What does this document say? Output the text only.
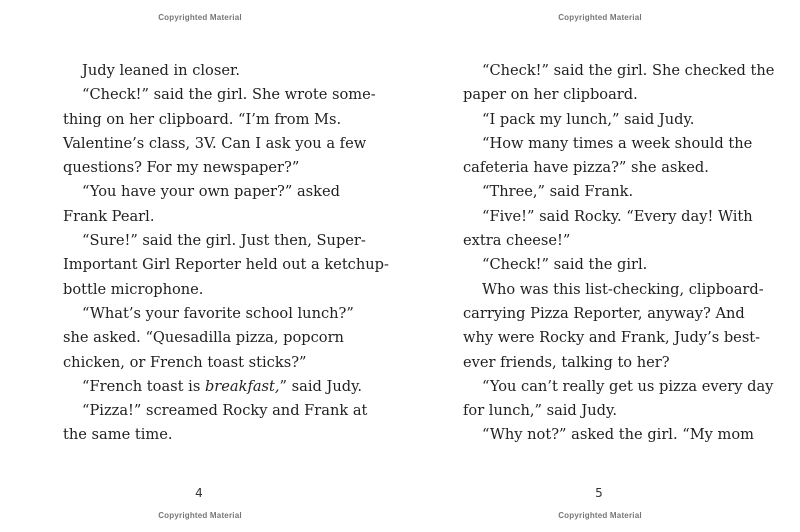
Copyrighted Material
Judy leaned in closer.
“Check!” said the girl. She wrote some-
thing on her clipboard. “I’m from Ms.
Valentine’s class, 3V. Can I ask you a few
questions? For my newspaper?”
“You have your own paper?” asked
Frank Pearl.
“Sure!” said the girl. Just then, Super-
Important Girl Reporter held out a ketchup-
bottle microphone.
“What’s your favorite school lunch?”
she asked. “Quesadilla pizza, popcorn
chicken, or French toast sticks?”
“French toast is breakfast,” said Judy.
“Pizza!” screamed Rocky and Frank at
the same time.
4
Copyrighted Material
Copyrighted Material
“Check!” said the girl. She checked the
paper on her clipboard.
“I pack my lunch,” said Judy.
“How many times a week should the
cafeteria have pizza?” she asked.
“Three,” said Frank.
“Five!” said Rocky. “Every day! With
extra cheese!”
“Check!” said the girl.
Who was this list-checking, clipboard-
carrying Pizza Reporter, anyway? And
why were Rocky and Frank, Judy’s best-
ever friends, talking to her?
“You can’t really get us pizza every day
for lunch,” said Judy.
“Why not?” asked the girl. “My mom
5
Copyrighted Material
